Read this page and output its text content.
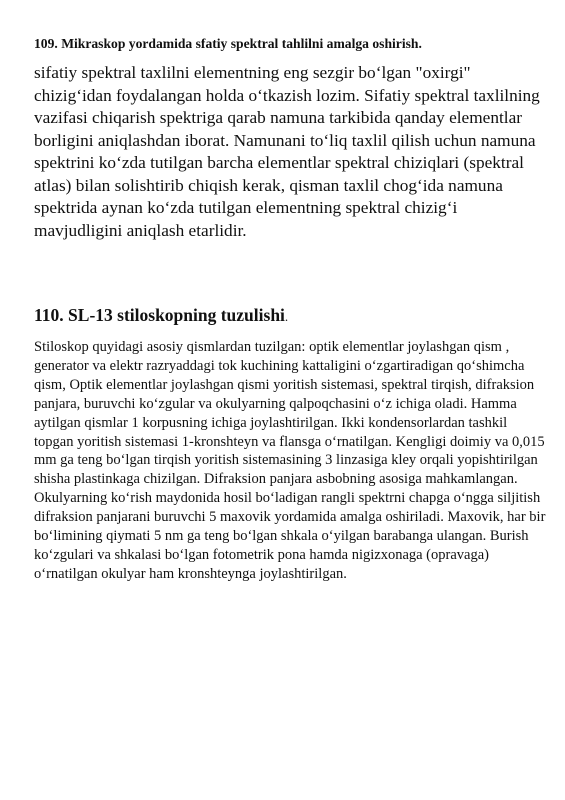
109. Mikraskop yordamida sfatiy spektral tahlilni amalga oshirish.

sifatiy spektral taxlilni elementning eng sezgir bo‘lgan "oxirgi" chizig‘idan foydalangan holda o‘tkazish lozim. Sifatiy spektral taxlilning vazifasi chiqarish spektriga qarab namuna tarkibida qanday elementlar borligini aniqlashdan iborat. Namunani to‘liq taxlil qilish uchun namuna spektrini ko‘zda tutilgan barcha elementlar spektral chiziqlari (spektral atlas) bilan solishtirib chiqish kerak, qisman taxlil chog‘ida namuna spektrida aynan ko‘zda tutilgan elementning spektral chizig‘i mavjudligini aniqlash etarlidir.

110. SL-13 stiloskopning tuzulishi.

Stiloskop quyidagi asosiy qismlardan tuzilgan: optik elementlar joylashgan qism , generator va elektr razryaddagi tok kuchining kattaligini o‘zgartiradigan qo‘shimcha qism, Optik elementlar joylashgan qismi yoritish sistemasi, spektral tirqish, difraksion panjara, buruvchi ko‘zgular va okulyarning qalpoqchasini o‘z ichiga oladi. Hamma aytilgan qismlar 1 korpusning ichiga joylashtirilgan. Ikki kondensorlardan tashkil topgan yoritish sistemasi 1-kronshteyn va flansga o‘rnatilgan. Kengligi doimiy va 0,015 mm ga teng bo‘lgan tirqish yoritish sistemasining 3 linzasiga kley orqali yopishtirilgan shisha plastinkaga chizilgan. Difraksion panjara asbobning asosiga mahkamlangan. Okulyarning ko‘rish maydonida hosil bo‘ladigan rangli spektrni chapga o‘ngga siljitish difraksion panjarani buruvchi 5 maxovik yordamida amalga oshiriladi. Maxovik, har bir bo‘limining qiymati 5 nm ga teng bo‘lgan shkala o‘yilgan barabanga ulangan. Burish ko‘zgulari va shkalasi bo‘lgan fotometrik pona hamda nigizxonaga (opravaga) o‘rnatilgan okulyar ham kronshteynga joylashtirilgan.
